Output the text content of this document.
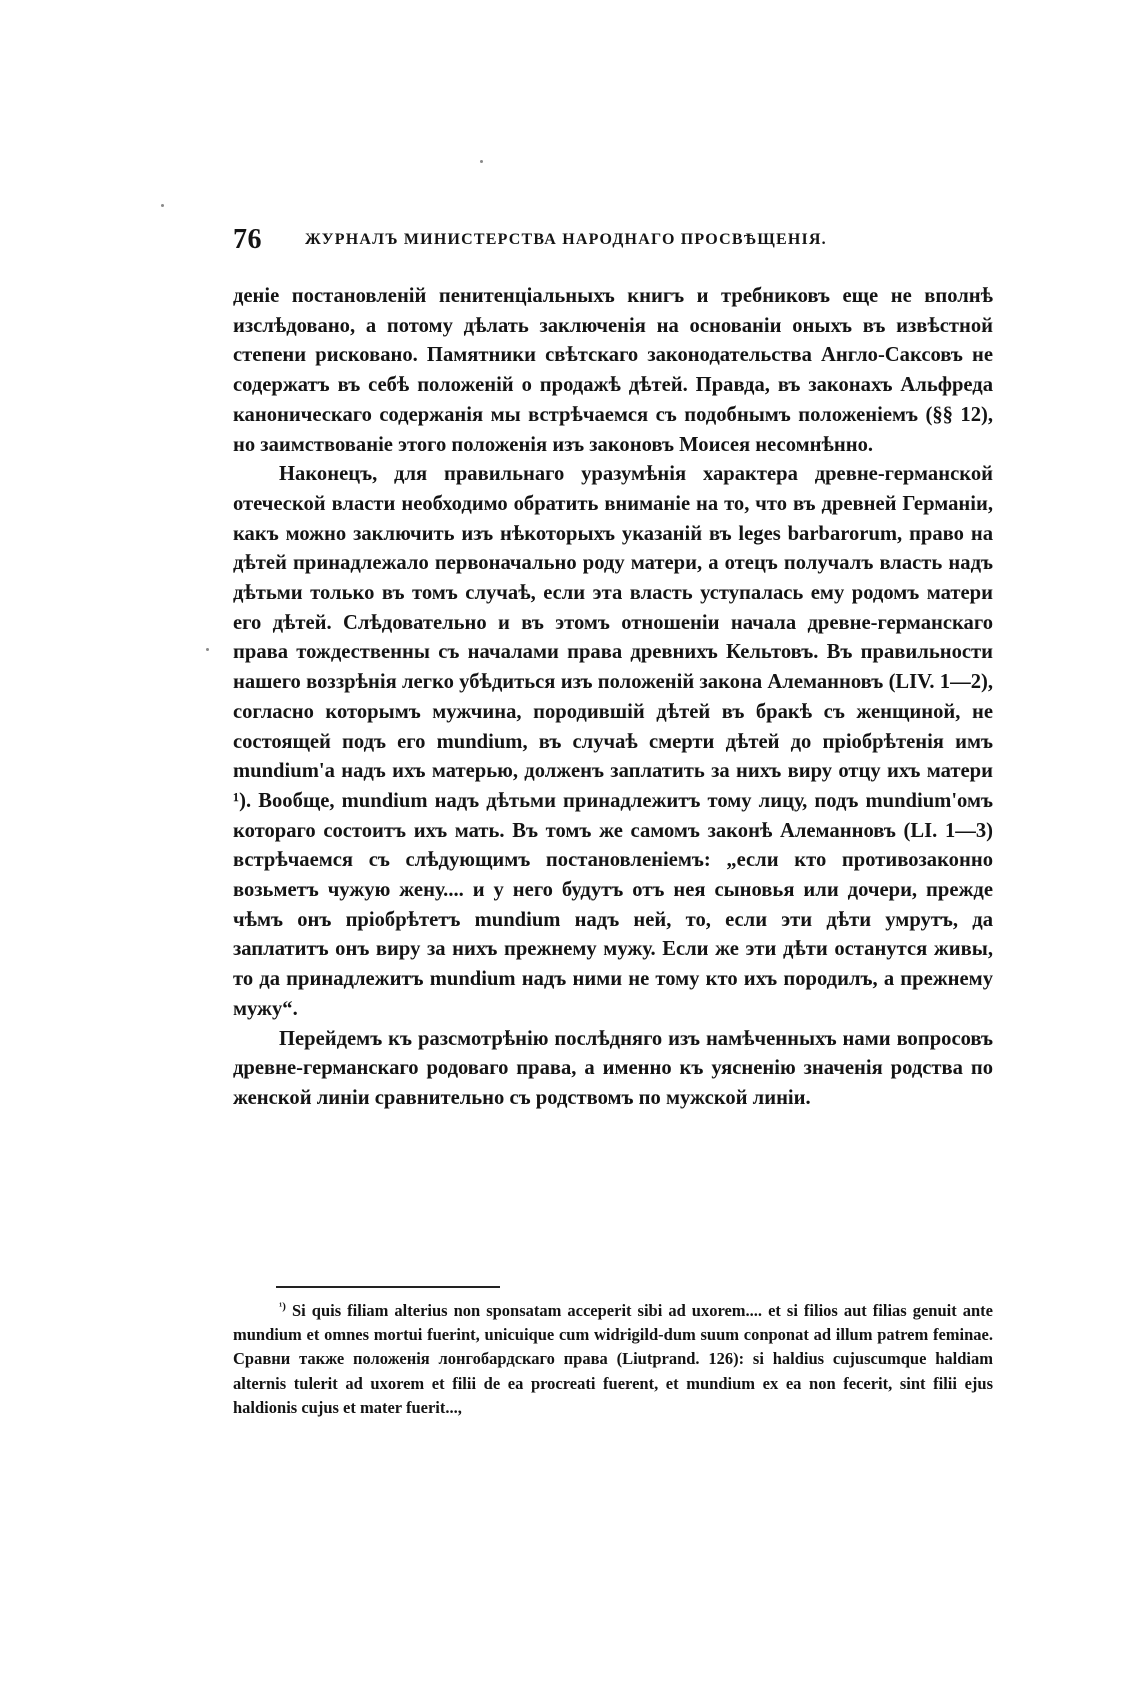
76	ЖУРНАЛЪ МИНИСТЕРСТВА НАРОДНАГО ПРОСВѢЩЕНІЯ.

деніе постановленій пенитенціальныхъ книгъ и требниковъ еще не вполнѣ изслѣдовано, а потому дѣлать заключенія на основаніи оныхъ въ извѣстной степени рисковано. Памятники свѣтскаго законодательства Англо-Саксовъ не содержатъ въ себѣ положеній о продажѣ дѣтей. Правда, въ законахъ Альфреда каноническаго содержанія мы встрѣчаемся съ подобнымъ положеніемъ (§§ 12), но заимствованіе этого положенія изъ законовъ Моисея несомнѣнно.

Наконецъ, для правильнаго уразумѣнія характера древне-германской отеческой власти необходимо обратить вниманіе на то, что въ древней Германіи, какъ можно заключить изъ нѣкоторыхъ указаній въ leges barbarorum, право на дѣтей принадлежало первоначально роду матери, а отецъ получалъ власть надъ дѣтьми только въ томъ случаѣ, если эта власть уступалась ему родомъ матери его дѣтей. Слѣдовательно и въ этомъ отношеніи начала древне-германскаго права тождественны съ началами права древнихъ Кельтовъ. Въ правильности нашего воззрѣнія легко убѣдиться изъ положеній закона Алеманновъ (LIV. 1—2), согласно которымъ мужчина, породившій дѣтей въ бракѣ съ женщиной, не состоящей подъ его mundium, въ случаѣ смерти дѣтей до пріобрѣтенія имъ mundium'а надъ ихъ матерью, долженъ заплатить за нихъ виру отцу ихъ матери ¹). Вообще, mundium надъ дѣтьми принадлежитъ тому лицу, подъ mundium'омъ котораго состоитъ ихъ мать. Въ томъ же самомъ законѣ Алеманновъ (LI. 1—3) встрѣчаемся съ слѣдующимъ постановленіемъ: „если кто противозаконно возьметъ чужую жену.... и у него будутъ отъ нея сыновья или дочери, прежде чѣмъ онъ пріобрѣтетъ mundium надъ ней, то, если эти дѣти умрутъ, да заплатитъ онъ виру за нихъ прежнему мужу. Если же эти дѣти останутся живы, то да принадлежитъ mundium надъ ними не тому кто ихъ породилъ, а прежнему мужу“.

Перейдемъ къ разсмотрѣнію послѣдняго изъ намѣченныхъ нами вопросовъ древне-германскаго родоваго права, а именно къ уясненію значенія родства по женской линіи сравнительно съ родствомъ по мужской линіи.

$^{^1)}$ Si quis filiam alterius non sponsatam acceperit sibi ad uxorem.... et si filios aut filias genuit ante mundium et omnes mortui fuerint, unicuique cum widrigild-dum suum conponat ad illum patrem feminae. Сравни также положенія лонгобардскаго права (Liutprand. 126): si haldius cujuscumque haldiam alternis tulerit ad uxorem et filii de ea procreati fuerent, et mundium ex ea non fecerit, sint filii ejus haldionis cujus et mater fuerit...,
